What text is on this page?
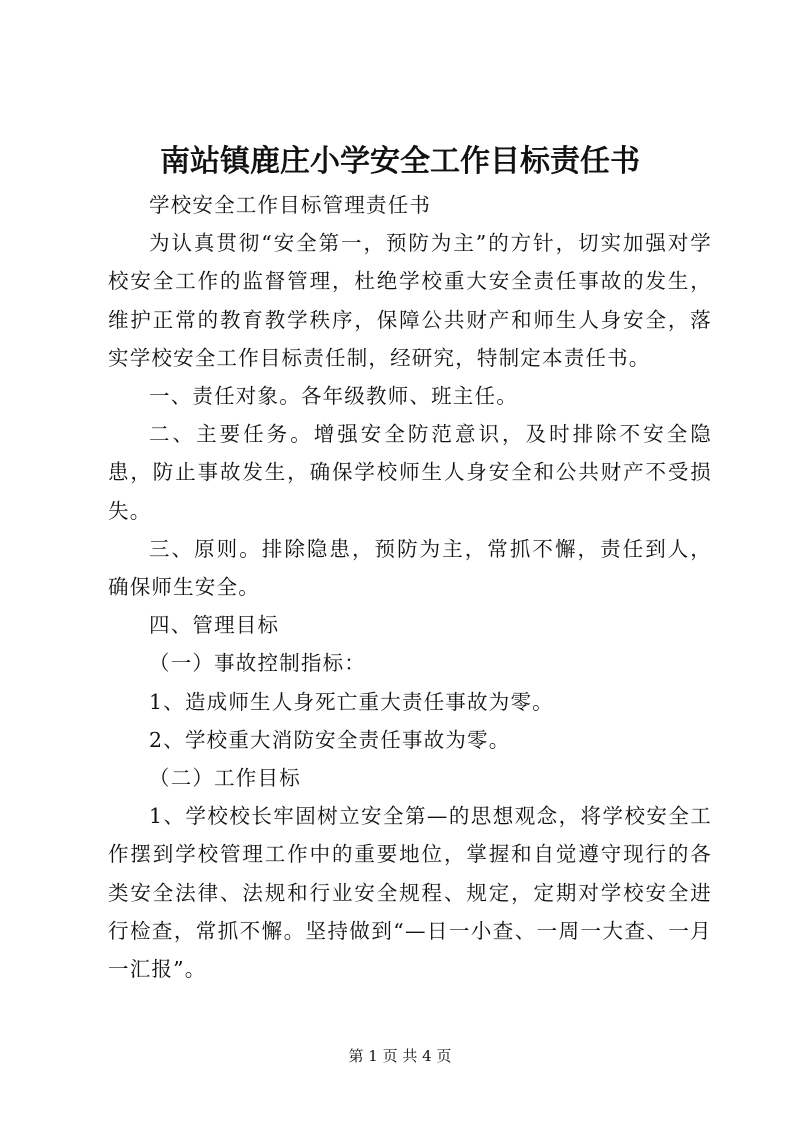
南站镇鹿庄小学安全工作目标责任书

学校安全工作目标管理责任书

为认真贯彻“安全第一，预防为主”的方针，切实加强对学校安全工作的监督管理，杜绝学校重大安全责任事故的发生，维护正常的教育教学秩序，保障公共财产和师生人身安全，落实学校安全工作目标责任制，经研究，特制定本责任书。

一、责任对象。各年级教师、班主任。

二、主要任务。增强安全防范意识，及时排除不安全隐患，防止事故发生，确保学校师生人身安全和公共财产不受损失。

三、原则。排除隐患，预防为主，常抓不懈，责任到人，确保师生安全。

四、管理目标

（一）事故控制指标：

1、造成师生人身死亡重大责任事故为零。

2、学校重大消防安全责任事故为零。

（二）工作目标

1、学校校长牢固树立安全第—的思想观念，将学校安全工作摆到学校管理工作中的重要地位，掌握和自觉遵守现行的各类安全法律、法规和行业安全规程、规定，定期对学校安全进行检查，常抓不懈。坚持做到“—日一小查、一周一大查、一月一汇报”。

第 1 页 共 4 页
